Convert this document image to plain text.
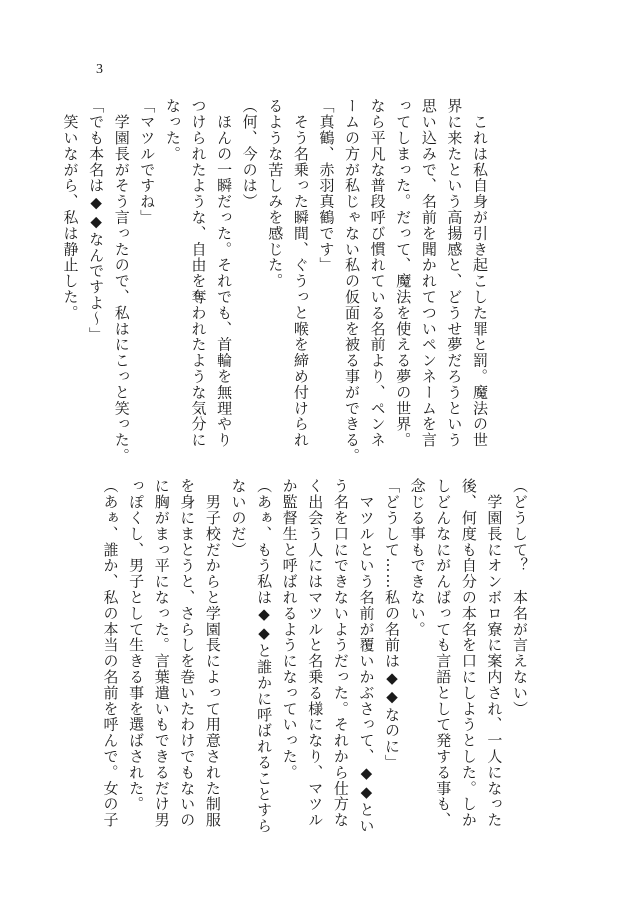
3
　これは私自身が引き起こした罪と罰。魔法の世
界に来たという高揚感と、どうせ夢だろうという
思い込みで、名前を聞かれてついペンネームを言
ってしまった。だって、魔法を使える夢の世界。
なら平凡な普段呼び慣れている名前より、ペンネ
ームの方が私じゃない私の仮面を被る事ができる。
「真鶴、赤羽真鶴です」
　そう名乗った瞬間、ぐうっと喉を締め付けられ
るような苦しみを感じた。
（何、今のは）
　ほんの一瞬だった。それでも、首輪を無理やり
つけられたような、自由を奪われたような気分に
なった。
「マツルですね」
　学園長がそう言ったので、私はにこっと笑った。
「でも本名は◆◆なんですよ～」
　笑いながら、私は静止した。
（どうして？　本名が言えない）
　学園長にオンボロ寮に案内され、一人になった
後、何度も自分の本名を口にしようとした。しか
しどんなにがんばっても言語として発する事も、
念じる事もできない。
「どうして……私の名前は◆◆なのに」
　マツルという名前が覆いかぶさって、◆◆とい
う名を口にできないようだった。それから仕方な
く出会う人にはマツルと名乗る様になり、マツル
か監督生と呼ばれるようになっていった。
（あぁ、もう私は◆◆と誰かに呼ばれることすら
ないのだ）
　男子校だからと学園長によって用意された制服
を身にまとうと、さらしを巻いたわけでもないの
に胸がまっ平になった。言葉遣いもできるだけ男
っぽくし、男子として生きる事を選ばされた。
（あぁ、誰か、私の本当の名前を呼んで。女の子
